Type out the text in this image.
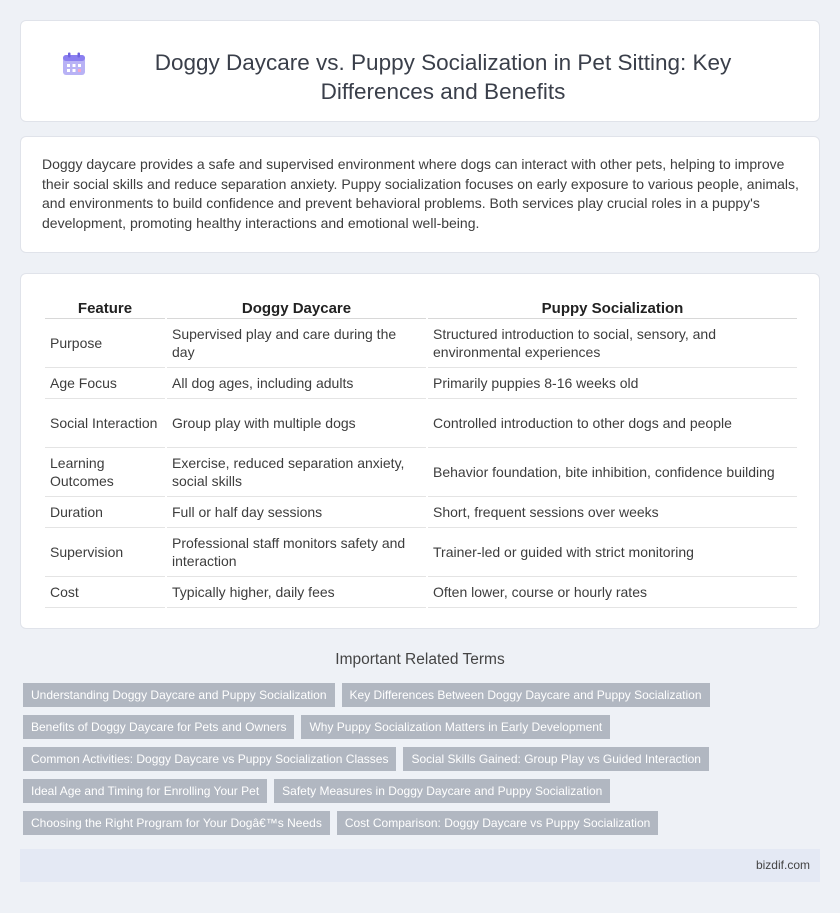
Doggy Daycare vs. Puppy Socialization in Pet Sitting: Key Differences and Benefits

Doggy daycare provides a safe and supervised environment where dogs can interact with other pets, helping to improve their social skills and reduce separation anxiety. Puppy socialization focuses on early exposure to various people, animals, and environments to build confidence and prevent behavioral problems. Both services play crucial roles in a puppy's development, promoting healthy interactions and emotional well-being.

Feature	Doggy Daycare	Puppy Socialization
Purpose	Supervised play and care during the day	Structured introduction to social, sensory, and environmental experiences
Age Focus	All dog ages, including adults	Primarily puppies 8-16 weeks old
Social Interaction	Group play with multiple dogs	Controlled introduction to other dogs and people
Learning Outcomes	Exercise, reduced separation anxiety, social skills	Behavior foundation, bite inhibition, confidence building
Duration	Full or half day sessions	Short, frequent sessions over weeks
Supervision	Professional staff monitors safety and interaction	Trainer-led or guided with strict monitoring
Cost	Typically higher, daily fees	Often lower, course or hourly rates
Important Related Terms
Understanding Doggy Daycare and Puppy Socialization	Key Differences Between Doggy Daycare and Puppy Socialization
Benefits of Doggy Daycare for Pets and Owners	Why Puppy Socialization Matters in Early Development
Common Activities: Doggy Daycare vs Puppy Socialization Classes	Social Skills Gained: Group Play vs Guided Interaction
Ideal Age and Timing for Enrolling Your Pet	Safety Measures in Doggy Daycare and Puppy Socialization
Choosing the Right Program for Your Dogâ€™s Needs	Cost Comparison: Doggy Daycare vs Puppy Socialization
bizdif.com
